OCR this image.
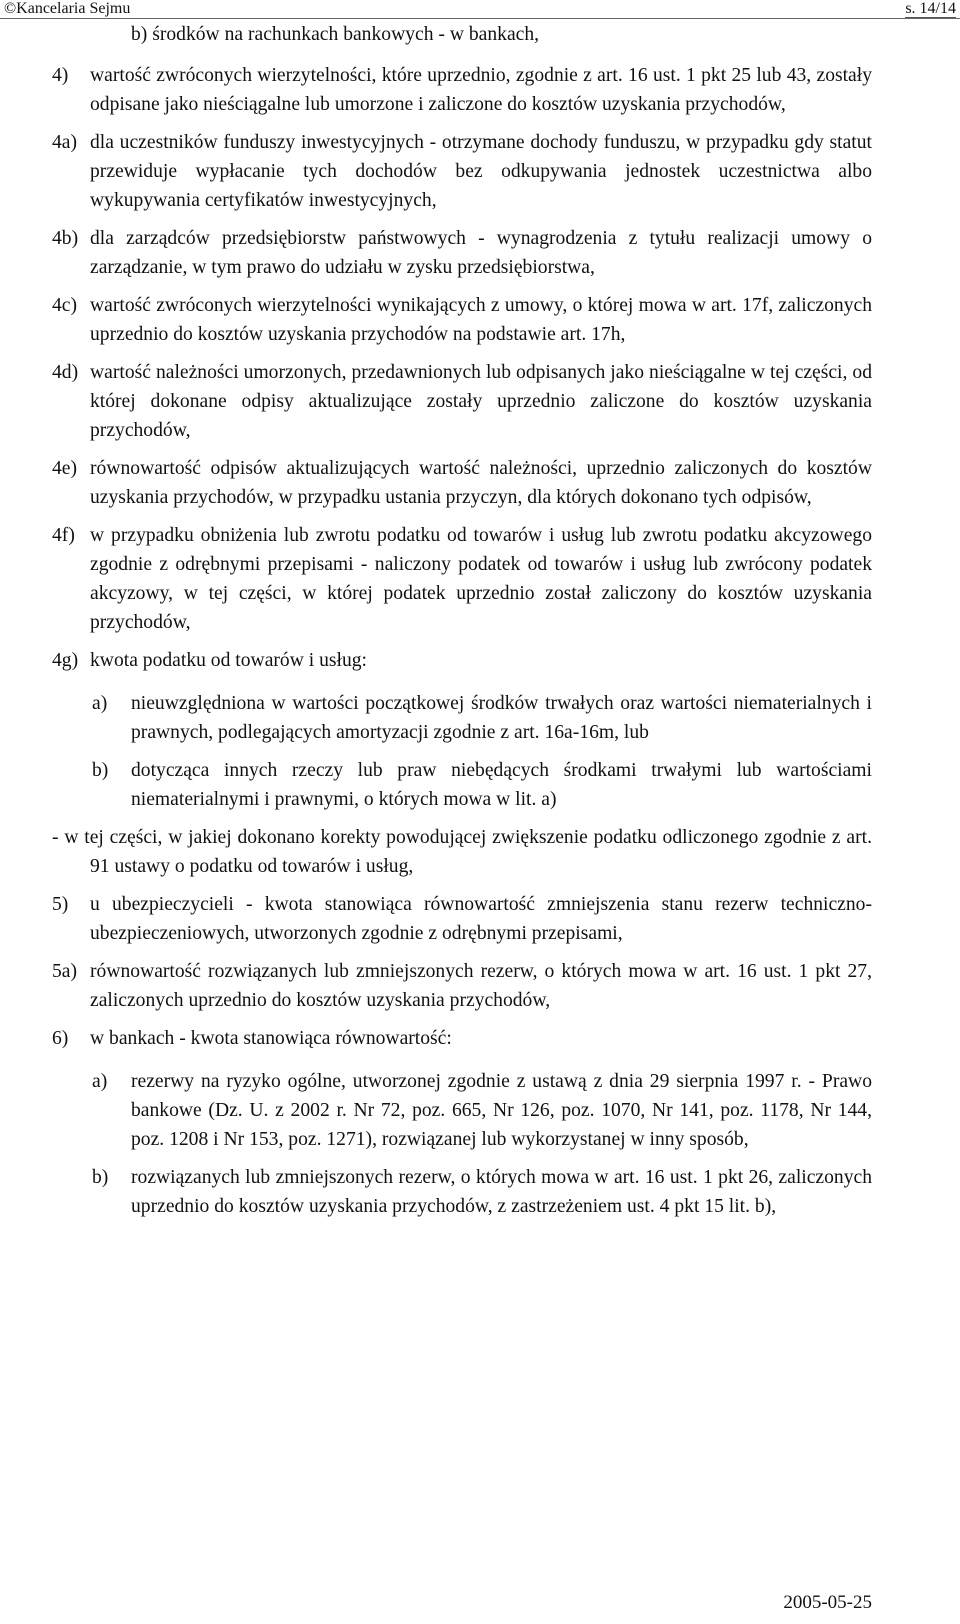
©Kancelaria Sejmu	s. 14/14
b) środków na rachunkach bankowych - w bankach,
4) wartość zwróconych wierzytelności, które uprzednio, zgodnie z art. 16 ust. 1 pkt 25 lub 43, zostały odpisane jako nieściągalne lub umorzone i zaliczone do kosztów uzyskania przychodów,
4a) dla uczestników funduszy inwestycyjnych - otrzymane dochody funduszu, w przypadku gdy statut przewiduje wypłacanie tych dochodów bez odkupywania jednostek uczestnictwa albo wykupywania certyfikatów inwestycyjnych,
4b) dla zarządców przedsiębiorstw państwowych - wynagrodzenia z tytułu realizacji umowy o zarządzanie, w tym prawo do udziału w zysku przedsiębiorstwa,
4c) wartość zwróconych wierzytelności wynikających z umowy, o której mowa w art. 17f, zaliczonych uprzednio do kosztów uzyskania przychodów na podstawie art. 17h,
4d) wartość należności umorzonych, przedawnionych lub odpisanych jako nieściągalne w tej części, od której dokonane odpisy aktualizujące zostały uprzednio zaliczone do kosztów uzyskania przychodów,
4e) równowartość odpisów aktualizujących wartość należności, uprzednio zaliczonych do kosztów uzyskania przychodów, w przypadku ustania przyczyn, dla których dokonano tych odpisów,
4f) w przypadku obniżenia lub zwrotu podatku od towarów i usług lub zwrotu podatku akcyzowego zgodnie z odrębnymi przepisami - naliczony podatek od towarów i usług lub zwrócony podatek akcyzowy, w tej części, w której podatek uprzednio został zaliczony do kosztów uzyskania przychodów,
4g) kwota podatku od towarów i usług:
a) nieuwzględniona w wartości początkowej środków trwałych oraz wartości niematerialnych i prawnych, podlegających amortyzacji zgodnie z art. 16a-16m, lub
b) dotycząca innych rzeczy lub praw niebędących środkami trwałymi lub wartościami niematerialnymi i prawnymi, o których mowa w lit. a)
- w tej części, w jakiej dokonano korekty powodującej zwiększenie podatku odliczonego zgodnie z art. 91 ustawy o podatku od towarów i usług,
5) u ubezpieczycieli - kwota stanowiąca równowartość zmniejszenia stanu rezerw techniczno-ubezpieczeniowych, utworzonych zgodnie z odrębnymi przepisami,
5a) równowartość rozwiązanych lub zmniejszonych rezerw, o których mowa w art. 16 ust. 1 pkt 27, zaliczonych uprzednio do kosztów uzyskania przychodów,
6) w bankach - kwota stanowiąca równowartość:
a) rezerwy na ryzyko ogólne, utworzonej zgodnie z ustawą z dnia 29 sierpnia 1997 r. - Prawo bankowe (Dz. U. z 2002 r. Nr 72, poz. 665, Nr 126, poz. 1070, Nr 141, poz. 1178, Nr 144, poz. 1208 i Nr 153, poz. 1271), rozwiązanej lub wykorzystanej w inny sposób,
b) rozwiązanych lub zmniejszonych rezerw, o których mowa w art. 16 ust. 1 pkt 26, zaliczonych uprzednio do kosztów uzyskania przychodów, z zastrzeżeniem ust. 4 pkt 15 lit. b),
2005-05-25
